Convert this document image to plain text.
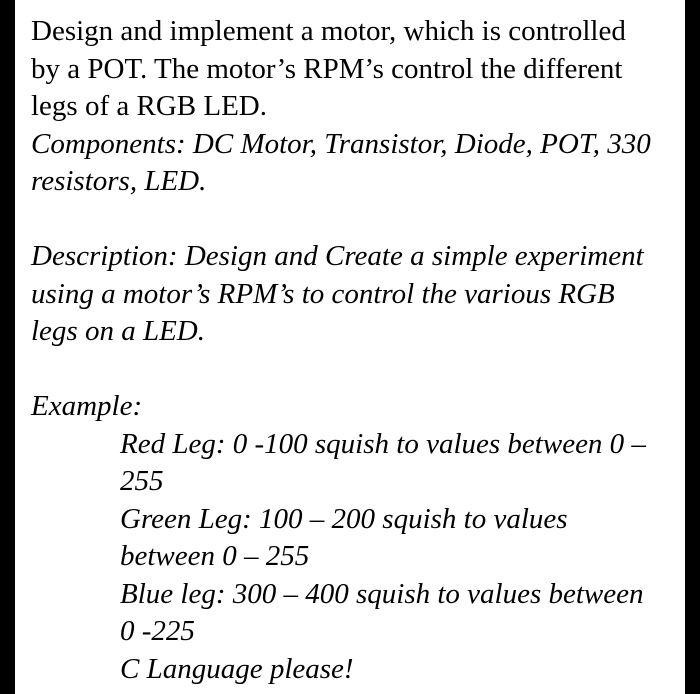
Design and implement a motor, which is controlled

by a POT. The motor’s RPM’s control the different

legs of a RGB LED.

Components: DC Motor, Transistor, Diode, POT, 330

resistors, LED.

Description: Design and Create a simple experiment

using a motor’s RPM’s to control the various RGB

legs on a LED.

Example:

Red Leg: 0 -100 squish to values between 0 –

255

Green Leg: 100 – 200 squish to values

between 0 – 255

Blue leg: 300 – 400 squish to values between

0 -225

C Language please!
